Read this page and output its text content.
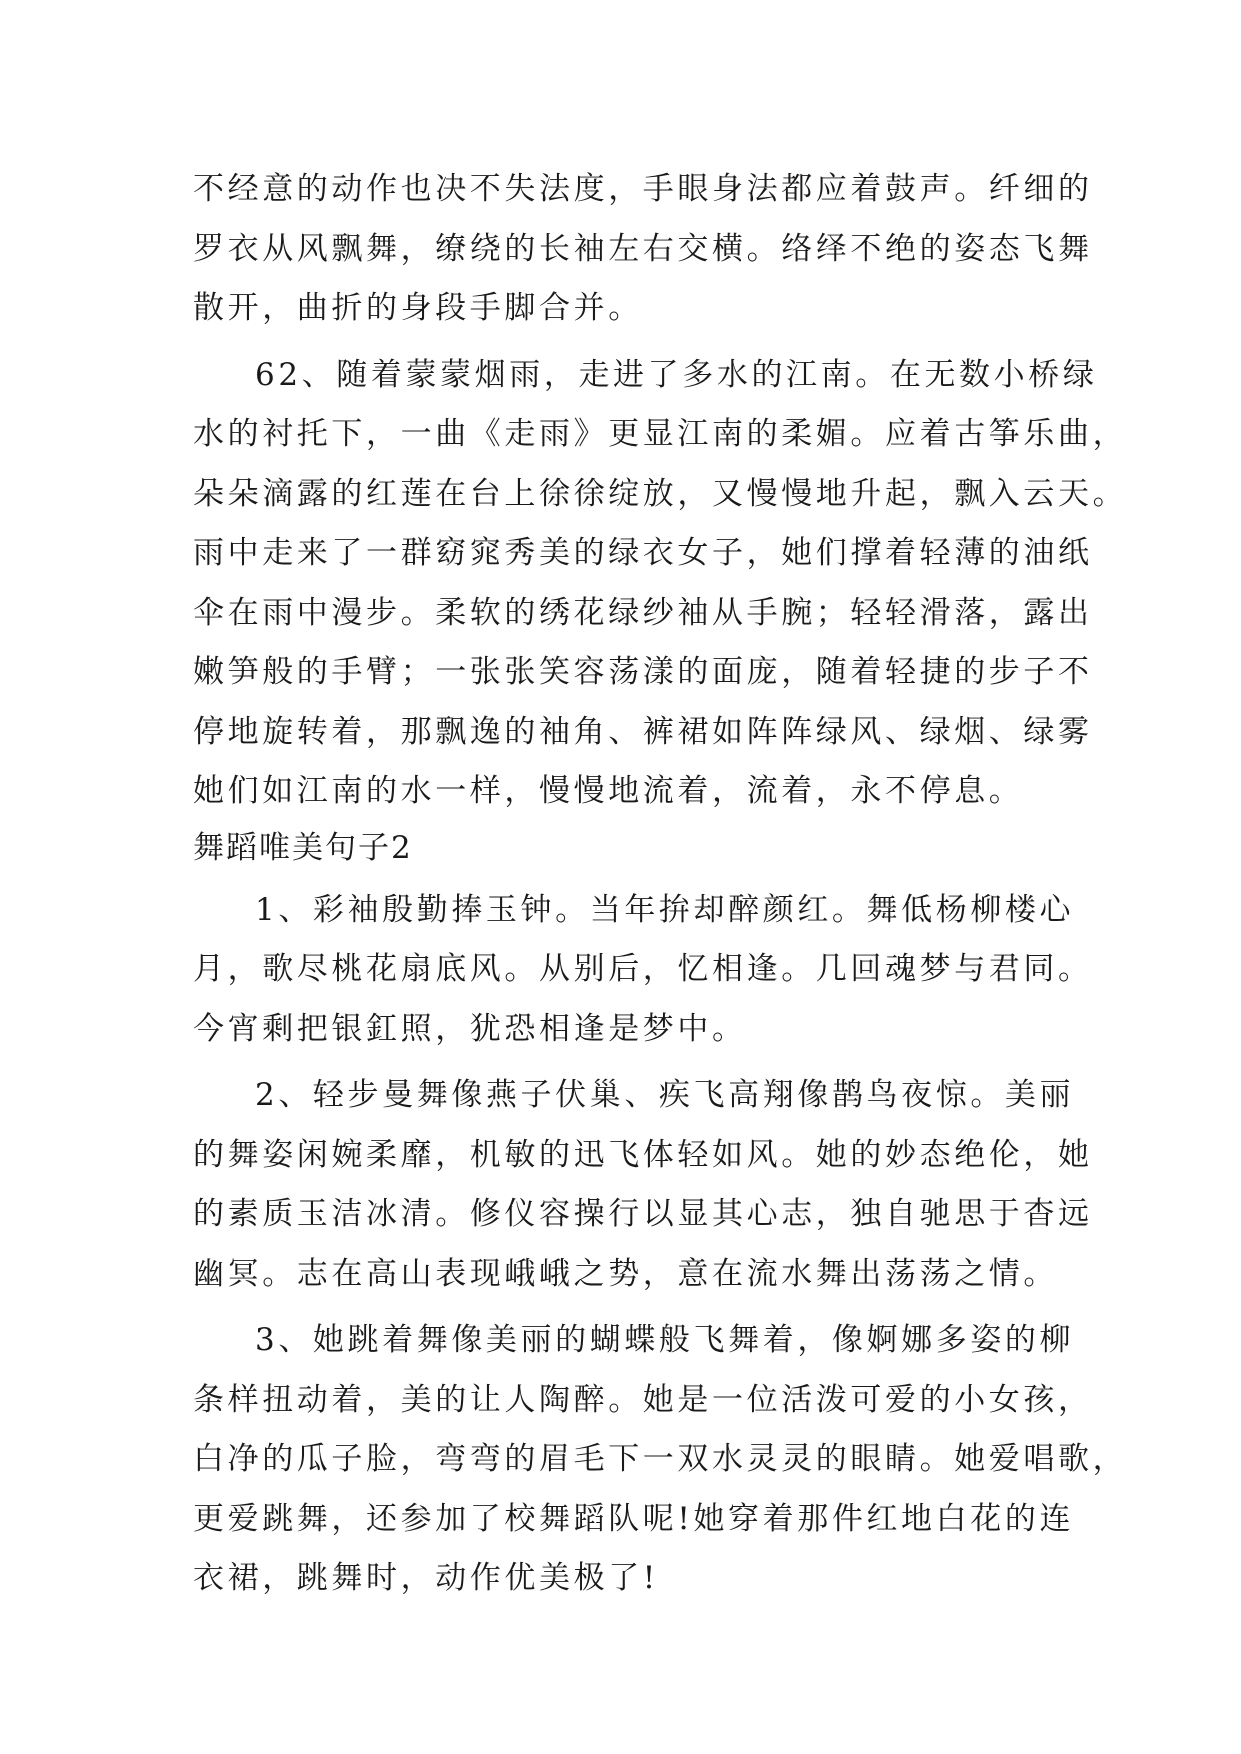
不经意的动作也决不失法度，手眼身法都应着鼓声。纤细的
罗衣从风飘舞，缭绕的长袖左右交横。络绎不绝的姿态飞舞
散开，曲折的身段手脚合并。
62、随着蒙蒙烟雨，走进了多水的江南。在无数小桥绿
水的衬托下，一曲《走雨》更显江南的柔媚。应着古筝乐曲，
朵朵滴露的红莲在台上徐徐绽放，又慢慢地升起，飘入云天。
雨中走来了一群窈窕秀美的绿衣女子，她们撑着轻薄的油纸
伞在雨中漫步。柔软的绣花绿纱袖从手腕；轻轻滑落，露出
嫩笋般的手臂；一张张笑容荡漾的面庞，随着轻捷的步子不
停地旋转着，那飘逸的袖角、裤裙如阵阵绿风、绿烟、绿雾
她们如江南的水一样，慢慢地流着，流着，永不停息。
舞蹈唯美句子2
1、彩袖殷勤捧玉钟。当年拚却醉颜红。舞低杨柳楼心
月，歌尽桃花扇底风。从别后，忆相逢。几回魂梦与君同。
今宵剩把银釭照，犹恐相逢是梦中。
2、轻步曼舞像燕子伏巢、疾飞高翔像鹊鸟夜惊。美丽
的舞姿闲婉柔靡，机敏的迅飞体轻如风。她的妙态绝伦，她
的素质玉洁冰清。修仪容操行以显其心志，独自驰思于杳远
幽冥。志在高山表现峨峨之势，意在流水舞出荡荡之情。
3、她跳着舞像美丽的蝴蝶般飞舞着，像婀娜多姿的柳
条样扭动着，美的让人陶醉。她是一位活泼可爱的小女孩，
白净的瓜子脸，弯弯的眉毛下一双水灵灵的眼睛。她爱唱歌，
更爱跳舞，还参加了校舞蹈队呢!她穿着那件红地白花的连
衣裙，跳舞时，动作优美极了!
